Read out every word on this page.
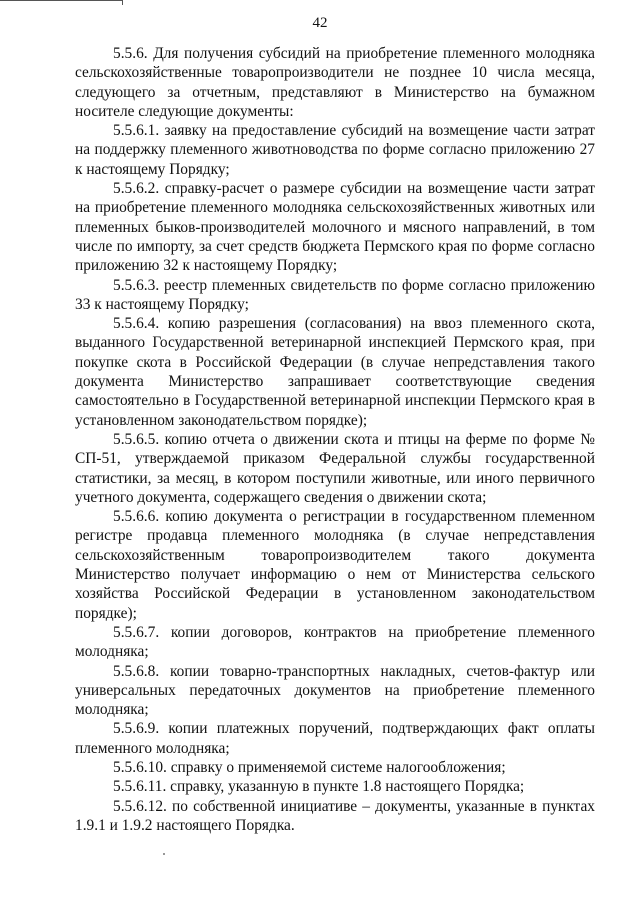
42

5.5.6. Для получения субсидий на приобретение племенного молодняка сельскохозяйственные товаропроизводители не позднее 10 числа месяца, следующего за отчетным, представляют в Министерство на бумажном носителе следующие документы:

5.5.6.1. заявку на предоставление субсидий на возмещение части затрат на поддержку племенного животноводства по форме согласно приложению 27 к настоящему Порядку;

5.5.6.2. справку-расчет о размере субсидии на возмещение части затрат на приобретение племенного молодняка сельскохозяйственных животных или племенных быков-производителей молочного и мясного направлений, в том числе по импорту, за счет средств бюджета Пермского края по форме согласно приложению 32 к настоящему Порядку;

5.5.6.3. реестр племенных свидетельств по форме согласно приложению 33 к настоящему Порядку;

5.5.6.4. копию разрешения (согласования) на ввоз племенного скота, выданного Государственной ветеринарной инспекцией Пермского края, при покупке скота в Российской Федерации (в случае непредставления такого документа Министерство запрашивает соответствующие сведения самостоятельно в Государственной ветеринарной инспекции Пермского края в установленном законодательством порядке);

5.5.6.5. копию отчета о движении скота и птицы на ферме по форме № СП-51, утверждаемой приказом Федеральной службы государственной статистики, за месяц, в котором поступили животные, или иного первичного учетного документа, содержащего сведения о движении скота;

5.5.6.6. копию документа о регистрации в государственном племенном регистре продавца племенного молодняка (в случае непредставления сельскохозяйственным товаропроизводителем такого документа Министерство получает информацию о нем от Министерства сельского хозяйства Российской Федерации в установленном законодательством порядке);

5.5.6.7. копии договоров, контрактов на приобретение племенного молодняка;

5.5.6.8. копии товарно-транспортных накладных, счетов-фактур или универсальных передаточных документов на приобретение племенного молодняка;

5.5.6.9. копии платежных поручений, подтверждающих факт оплаты племенного молодняка;

5.5.6.10. справку о применяемой системе налогообложения;

5.5.6.11. справку, указанную в пункте 1.8 настоящего Порядка;

5.5.6.12. по собственной инициативе – документы, указанные в пунктах 1.9.1 и 1.9.2 настоящего Порядка.
